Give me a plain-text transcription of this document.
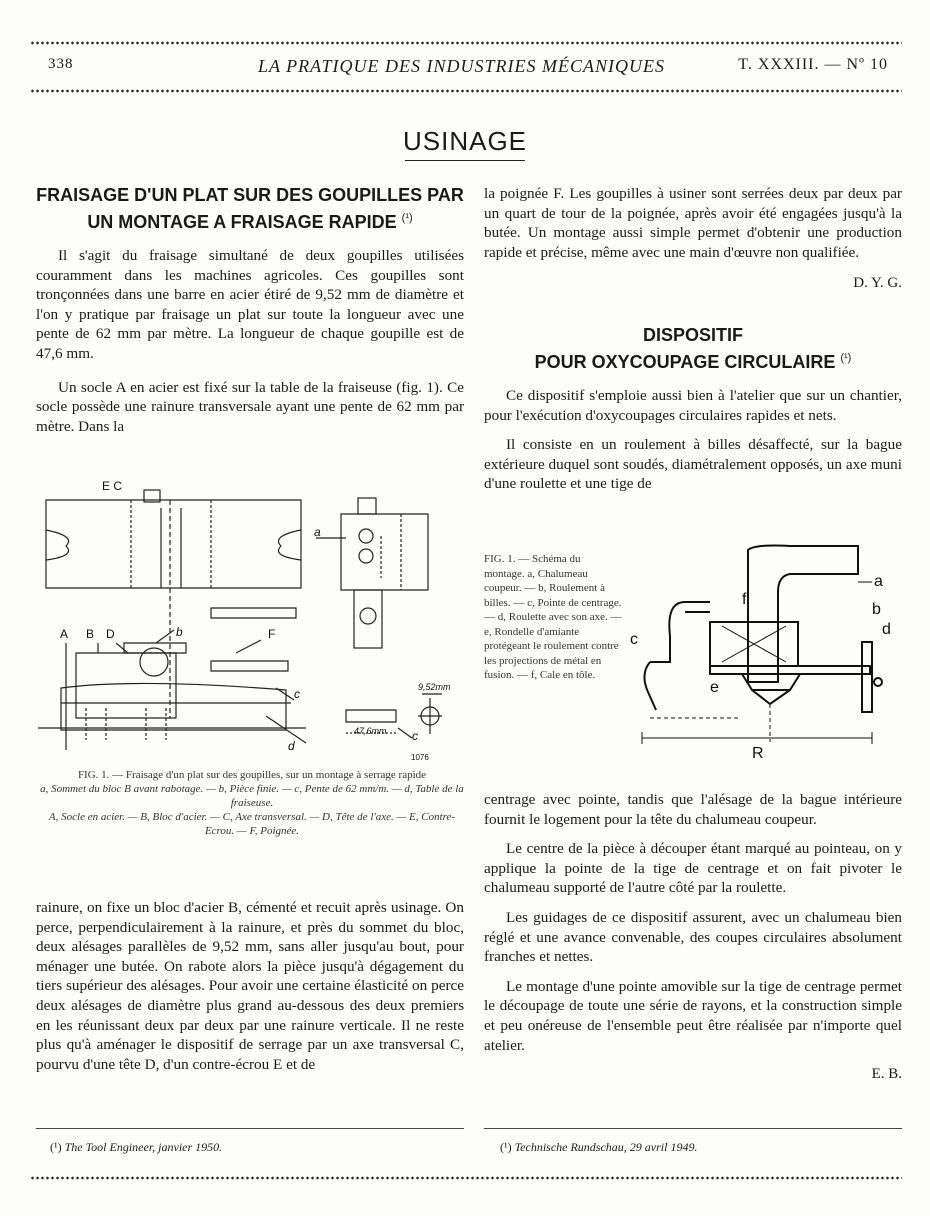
338	LA PRATIQUE DES INDUSTRIES MÉCANIQUES	T. XXXIII. — Nº 10
USINAGE
FRAISAGE D'UN PLAT SUR DES GOUPILLES PAR UN MONTAGE A FRAISAGE RAPIDE $^{(^1)}$

Il s'agit du fraisage simultané de deux goupilles utilisées couramment dans les machines agricoles. Ces goupilles sont tronçonnées dans une barre en acier étiré de 9,52 mm de diamètre et l'on y pratique par fraisage un plat sur toute la longueur avec une pente de 62 mm par mètre. La longueur de chaque goupille est de 47,6 mm.

Un socle A en acier est fixé sur la table de la fraiseuse (fig. 1). Ce socle possède une rainure transversale ayant une pente de 62 mm par mètre. Dans la

E C
A B D	b	F
c
d
a
c
9,52mm
47,6mm
1076
FIG. 1. — Fraisage d'un plat sur des goupilles, sur un montage à serrage rapide
a, Sommet du bloc B avant rabotage. — b, Pièce finie. — c, Pente de 62 mm/m. — d, Table de la fraiseuse.
A, Socle en acier. — B, Bloc d'acier. — C, Axe transversal. — D, Tête de l'axe. — E, Contre-Ecrou. — F, Poignée.
rainure, on fixe un bloc d'acier B, cémenté et recuit après usinage. On perce, perpendiculairement à la rainure, et près du sommet du bloc, deux alésages parallèles de 9,52 mm, sans aller jusqu'au bout, pour ménager une butée. On rabote alors la pièce jusqu'à dégagement du tiers supérieur des alésages. Pour avoir une certaine élasticité on perce deux alésages de diamètre plus grand au-dessous des deux premiers en les réunissant deux par deux par une rainure verticale. Il ne reste plus qu'à aménager le dispositif de serrage par un axe transversal C, pourvu d'une tête D, d'un contre-écrou E et de
la poignée F. Les goupilles à usiner sont serrées deux par deux par un quart de tour de la poignée, après avoir été engagées jusqu'à la butée. Un montage aussi simple permet d'obtenir une production rapide et précise, même avec une main d'œuvre non qualifiée.
D. Y. G.
DISPOSITIF
POUR OXYCOUPAGE CIRCULAIRE $^{(^1)}$

Ce dispositif s'emploie aussi bien à l'atelier que sur un chantier, pour l'exécution d'oxycoupages circulaires rapides et nets.

Il consiste en un roulement à billes désaffecté, sur la bague extérieure duquel sont soudés, diamétralement opposés, un axe muni d'une roulette et une tige de

FIG. 1. — Schéma du montage. a, Chalumeau coupeur. — b, Roulement à billes. — c, Pointe de centrage. — d, Roulette avec son axe. — e, Rondelle d'amiante protégeant le roulement contre les projections de métal en fusion. — f, Cale en tôle.
a
b
c
d
e
f
R
centrage avec pointe, tandis que l'alésage de la bague intérieure fournit le logement pour la tête du chalumeau coupeur.

Le centre de la pièce à découper étant marqué au pointeau, on y applique la pointe de la tige de centrage et on fait pivoter le chalumeau supporté de l'autre côté par la roulette.

Les guidages de ce dispositif assurent, avec un chalumeau bien réglé et une avance convenable, des coupes circulaires absolument franches et nettes.

Le montage d'une pointe amovible sur la tige de centrage permet le découpage de toute une série de rayons, et la construction simple et peu onéreuse de l'ensemble peut être réalisée par n'importe quel atelier.

E. B.
(¹) The Tool Engineer, janvier 1950.	(¹) Technische Rundschau, 29 avril 1949.
